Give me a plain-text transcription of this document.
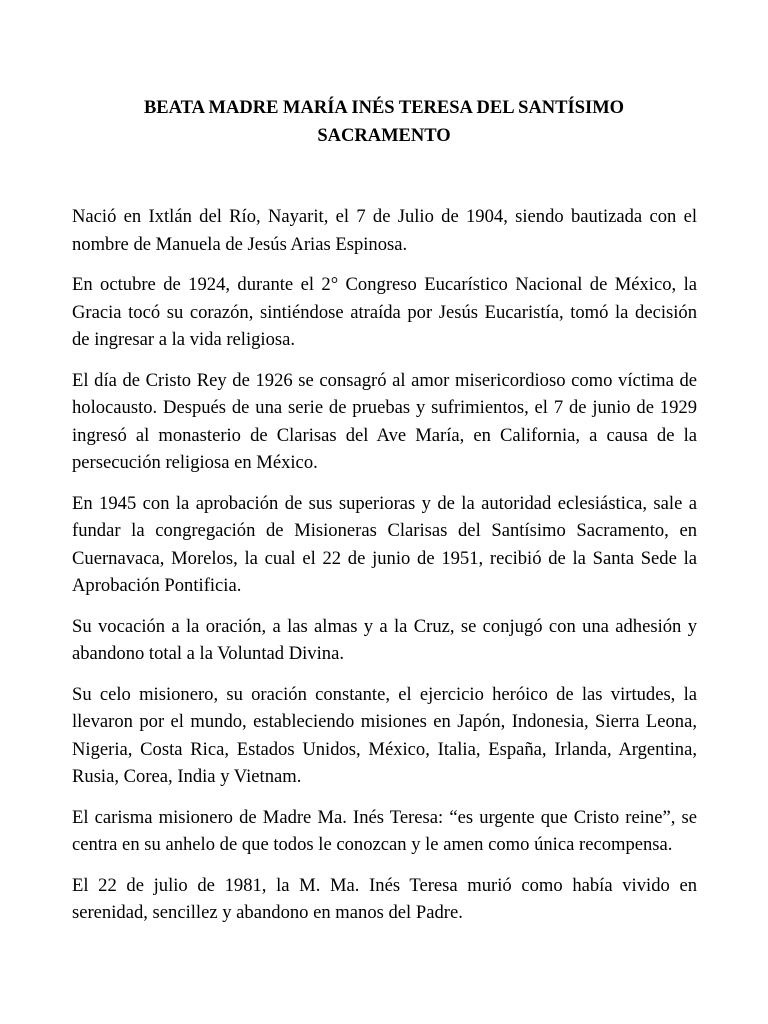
BEATA MADRE MARÍA INÉS TERESA DEL SANTÍSIMO
SACRAMENTO

Nació en Ixtlán del Río, Nayarit, el 7 de Julio de 1904, siendo bautizada con el nombre de Manuela de Jesús Arias Espinosa.

En octubre de 1924, durante el 2° Congreso Eucarístico Nacional de México, la Gracia tocó su corazón, sintiéndose atraída por Jesús Eucaristía, tomó la decisión de ingresar a la vida religiosa.

El día de Cristo Rey de 1926 se consagró al amor misericordioso como víctima de holocausto. Después de una serie de pruebas y sufrimientos, el 7 de junio de 1929 ingresó al monasterio de Clarisas del Ave María, en California, a causa de la persecución religiosa en México.

En 1945 con la aprobación de sus superioras y de la autoridad eclesiástica, sale a fundar la congregación de Misioneras Clarisas del Santísimo Sacramento, en Cuernavaca, Morelos, la cual el 22 de junio de 1951, recibió de la Santa Sede la Aprobación Pontificia.

Su vocación a la oración, a las almas y a la Cruz, se conjugó con una adhesión y abandono total a la Voluntad Divina.

Su celo misionero, su oración constante, el ejercicio heróico de las virtudes, la llevaron por el mundo, estableciendo misiones en Japón, Indonesia, Sierra Leona, Nigeria, Costa Rica, Estados Unidos, México, Italia, España, Irlanda, Argentina, Rusia, Corea, India y Vietnam.

El carisma misionero de Madre Ma. Inés Teresa: “es urgente que Cristo reine”, se centra en su anhelo de que todos le conozcan y le amen como única recompensa.

El 22 de julio de 1981, la M. Ma. Inés Teresa murió como había vivido en serenidad, sencillez y abandono en manos del Padre.
